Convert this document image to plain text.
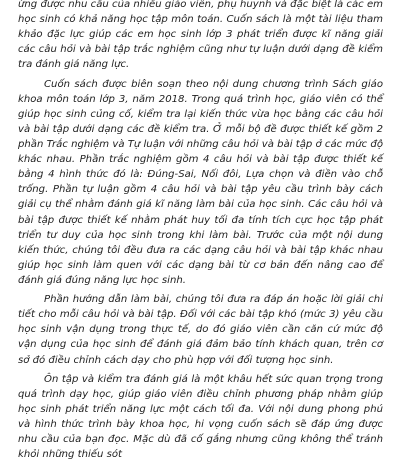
ứng được nhu cầu của nhiều giáo viên, phụ huynh và đặc biệt là các em học sinh có khả năng học tập môn toán. Cuốn sách là một tài liệu tham khảo đặc lực giúp các em học sinh lớp 3 phát triển được kĩ năng giải các câu hỏi và bài tập trắc nghiệm cũng như tự luận dưới dạng đề kiểm tra đánh giá năng lực.

Cuốn sách được biên soạn theo nội dung chương trình Sách giáo khoa môn toán lớp 3, năm 2018. Trong quá trình học, giáo viên có thể giúp học sinh củng cố, kiểm tra lại kiến thức vừa học bằng các câu hỏi và bài tập dưới dạng các đề kiểm tra. Ở mỗi bộ đề được thiết kế gồm 2 phần Trắc nghiệm và Tự luận với những câu hỏi và bài tập ở các mức độ khác nhau. Phần trắc nghiệm gồm 4 câu hỏi và bài tập được thiết kế bằng 4 hình thức đó là: Đúng-Sai, Nối đôi, Lựa chọn và điền vào chỗ trống. Phần tự luận gồm 4 câu hỏi và bài tập yêu cầu trình bày cách giải cụ thể nhằm đánh giá kĩ năng làm bài của học sinh. Các câu hỏi và bài tập được thiết kế nhằm phát huy tối đa tính tích cực học tập phát triển tư duy của học sinh trong khi làm bài. Trước của một nội dung kiến thức, chúng tôi đều đưa ra các dạng câu hỏi và bài tập khác nhau giúp học sinh làm quen với các dạng bài từ cơ bản đến nâng cao để đánh giá đúng năng lực học sinh.

Phần hướng dẫn làm bài, chúng tôi đưa ra đáp án hoặc lời giải chi tiết cho mỗi câu hỏi và bài tập. Đối với các bài tập khó (mức 3) yêu cầu học sinh vận dụng trong thực tế, do đó giáo viên cần căn cứ mức độ vận dụng của học sinh để đánh giá đảm bảo tính khách quan, trên cơ sở đó điều chỉnh cách dạy cho phù hợp với đối tượng học sinh.

Ôn tập và kiểm tra đánh giá là một khâu hết sức quan trọng trong quá trình dạy học, giúp giáo viên điều chỉnh phương pháp nhằm giúp học sinh phát triển năng lực một cách tối đa. Với nội dung phong phú và hình thức trình bày khoa học, hi vọng cuốn sách sẽ đáp ứng được nhu cầu của bạn đọc. Mặc dù đã cố gắng nhưng cũng không thể tránh khỏi những thiếu sót
